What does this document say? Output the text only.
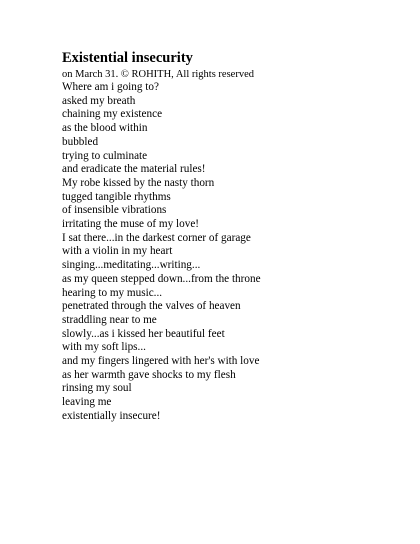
Existential insecurity
on March 31. © ROHITH, All rights reserved
Where am i going to?
asked my breath
chaining my existence
as the blood within
bubbled
trying to culminate
and eradicate the material rules!
My robe kissed by the nasty thorn
tugged tangible rhythms
of insensible vibrations
irritating the muse of my love!
I sat there...in the darkest corner of garage
with a violin in my heart
singing...meditating...writing...
as my queen stepped down...from the throne
hearing to my music...
penetrated through the valves of heaven
straddling near to me
slowly...as i kissed her beautiful feet
with my soft lips...
and my fingers lingered with her's with love
as her warmth gave shocks to my flesh
rinsing my soul
leaving me
existentially insecure!
